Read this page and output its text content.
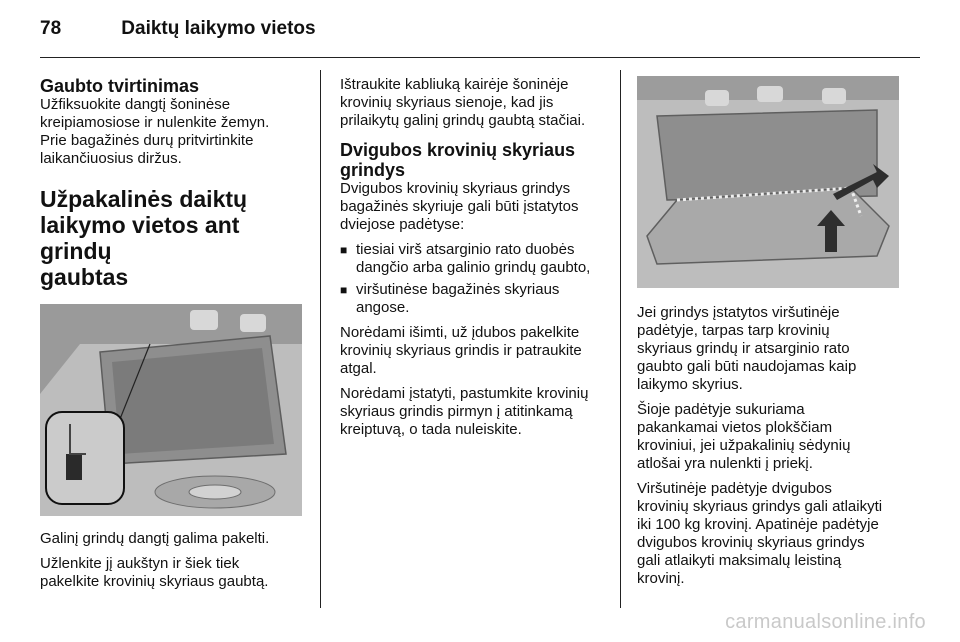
78	Daiktų laikymo vietos
Gaubto tvirtinimas

Užfiksuokite dangtį šoninėse
kreipiamosiose ir nulenkite žemyn.
Prie bagažinės durų pritvirtinkite
laikančiuosius diržus.

Užpakalinės daiktų
laikymo vietos ant grindų
gaubtas

Galinį grindų dangtį galima pakelti.

Užlenkite jį aukštyn ir šiek tiek
pakelkite krovinių skyriaus gaubtą.

Ištraukite kabliuką kairėje šoninėje
krovinių skyriaus sienoje, kad jis
prilaikytų galinį grindų gaubtą stačiai.

Dvigubos krovinių skyriaus
grindys

Dvigubos krovinių skyriaus grindys
bagažinės skyriuje gali būti įstatytos
dviejose padėtyse:

■ tiesiai virš atsarginio rato duobės
dangčio arba galinio grindų gaubto,
■ viršutinėse bagažinės skyriaus
angose.

Norėdami išimti, už įdubos pakelkite
krovinių skyriaus grindis ir patraukite
atgal.

Norėdami įstatyti, pastumkite krovinių
skyriaus grindis pirmyn į atitinkamą
kreiptuvą, o tada nuleiskite.

Jei grindys įstatytos viršutinėje
padėtyje, tarpas tarp krovinių
skyriaus grindų ir atsarginio rato
gaubto gali būti naudojamas kaip
laikymo skyrius.

Šioje padėtyje sukuriama
pakankamai vietos plokščiam
kroviniui, jei užpakalinių sėdynių
atlošai yra nulenkti į priekį.

Viršutinėje padėtyje dvigubos
krovinių skyriaus grindys gali atlaikyti
iki 100 kg krovinį. Apatinėje padėtyje
dvigubos krovinių skyriaus grindys
gali atlaikyti maksimalų leistiną
krovinį.

carmanualsonline.info
